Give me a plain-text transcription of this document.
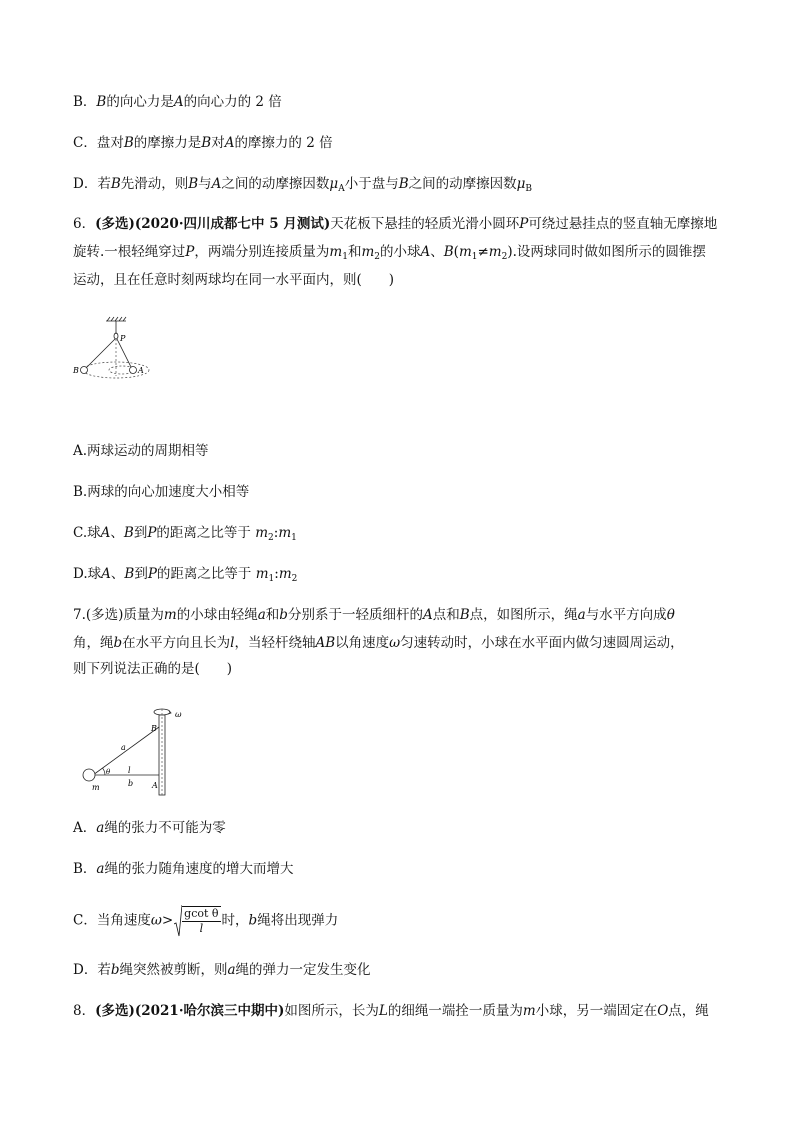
B．B的向心力是A的向心力的 2 倍
C．盘对B的摩擦力是B对A的摩擦力的 2 倍
D．若B先滑动，则B与A之间的动摩擦因数$\mu_A$小于盘与B之间的动摩擦因数$\mu_B$
6．(多选)(2020·四川成都七中 5 月测试)天花板下悬挂的轻质光滑小圆环P可绕过悬挂点的竖直轴无摩擦地
旋转.一根轻绳穿过P，两端分别连接质量为$m_1$和$m_2$的小球A、$B(m_1\ne m_2)$.设两球同时做如图所示的圆锥摆
运动，且在任意时刻两球均在同一水平面内，则(　　)
P
B	A
A.两球运动的周期相等
B.两球的向心加速度大小相等
C.球A、B到P的距离之比等于 $m_2:m_1$
D.球A、B到P的距离之比等于 $m_1:m_2$
7.(多选)质量为m的小球由轻绳a和b分别系于一轻质细杆的A点和B点，如图所示，绳a与水平方向成θ
角，绳b在水平方向且长为l，当轻杆绕轴AB以角速度ω匀速转动时，小球在水平面内做匀速圆周运动，
则下列说法正确的是(　　)
ω
B
a
θ l
b A
m
A．a绳的张力不可能为零
B．a绳的张力随角速度的增大而增大
C．当角速度$\omega> \frac{\text{gcot θ}}{l}$ 时，b绳将出现弹力
D．若b绳突然被剪断，则a绳的弹力一定发生变化
8．(多选)(2021·哈尔滨三中期中)如图所示，长为L的细绳一端拴一质量为m小球，另一端固定在O点，绳
